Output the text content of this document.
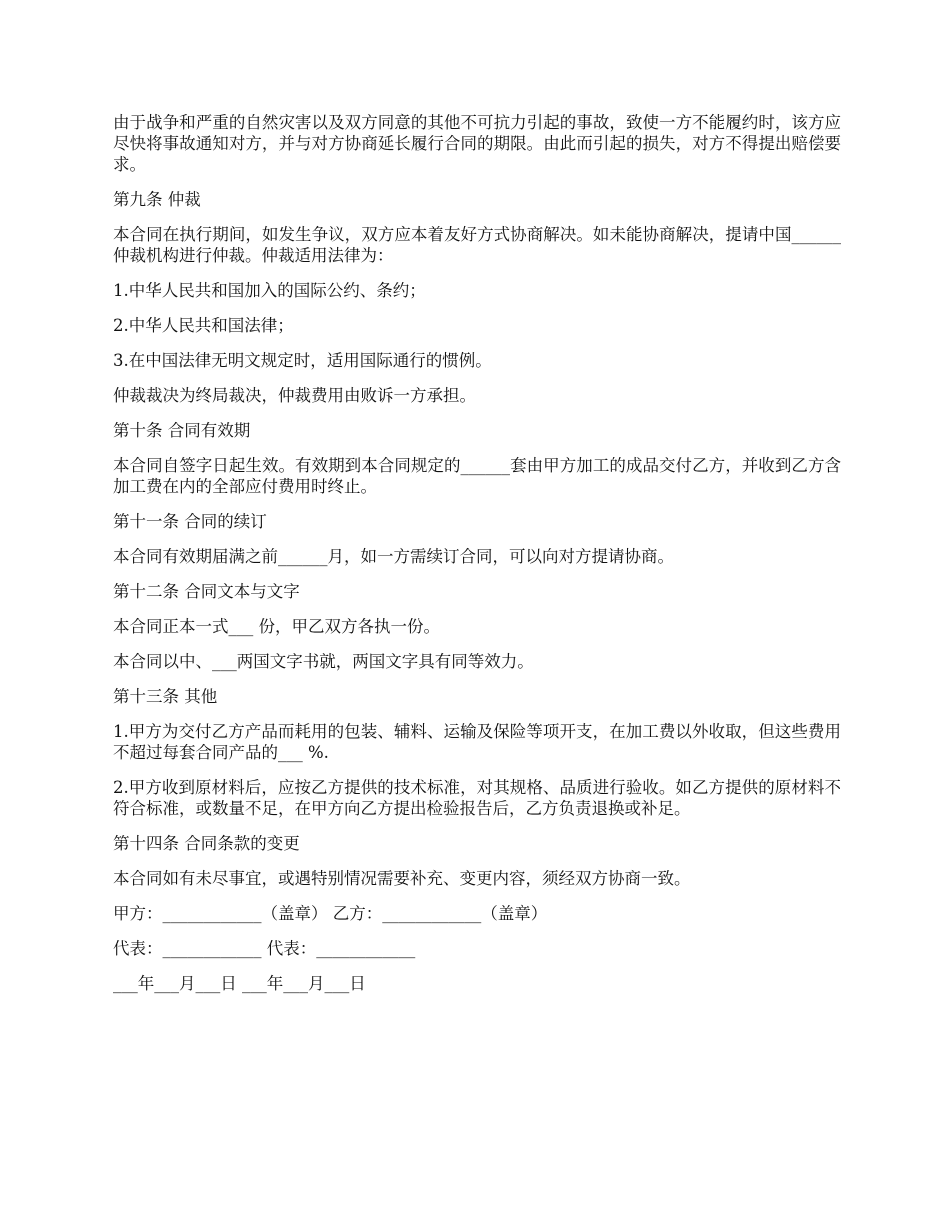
由于战争和严重的自然灾害以及双方同意的其他不可抗力引起的事故，致使一方不能履约时，该方应尽快将事故通知对方，并与对方协商延长履行合同的期限。由此而引起的损失，对方不得提出赔偿要求。

第九条 仲裁

本合同在执行期间，如发生争议，双方应本着友好方式协商解决。如未能协商解决，提请中国______仲裁机构进行仲裁。仲裁适用法律为：

1.中华人民共和国加入的国际公约、条约；

2.中华人民共和国法律；

3.在中国法律无明文规定时，适用国际通行的惯例。

仲裁裁决为终局裁决，仲裁费用由败诉一方承担。

第十条 合同有效期

本合同自签字日起生效。有效期到本合同规定的______套由甲方加工的成品交付乙方，并收到乙方含加工费在内的全部应付费用时终止。

第十一条 合同的续订

本合同有效期届满之前______月，如一方需续订合同，可以向对方提请协商。

第十二条 合同文本与文字

本合同正本一式___ 份，甲乙双方各执一份。

本合同以中、___两国文字书就，两国文字具有同等效力。

第十三条 其他

1.甲方为交付乙方产品而耗用的包装、辅料、运输及保险等项开支，在加工费以外收取，但这些费用不超过每套合同产品的___ %.

2.甲方收到原材料后，应按乙方提供的技术标准，对其规格、品质进行验收。如乙方提供的原材料不符合标准，或数量不足，在甲方向乙方提出检验报告后，乙方负责退换或补足。

第十四条 合同条款的变更

本合同如有未尽事宜，或遇特别情况需要补充、变更内容，须经双方协商一致。

甲方：____________（盖章） 乙方：____________（盖章）

代表：____________ 代表：____________

___年___月___日 ___年___月___日
